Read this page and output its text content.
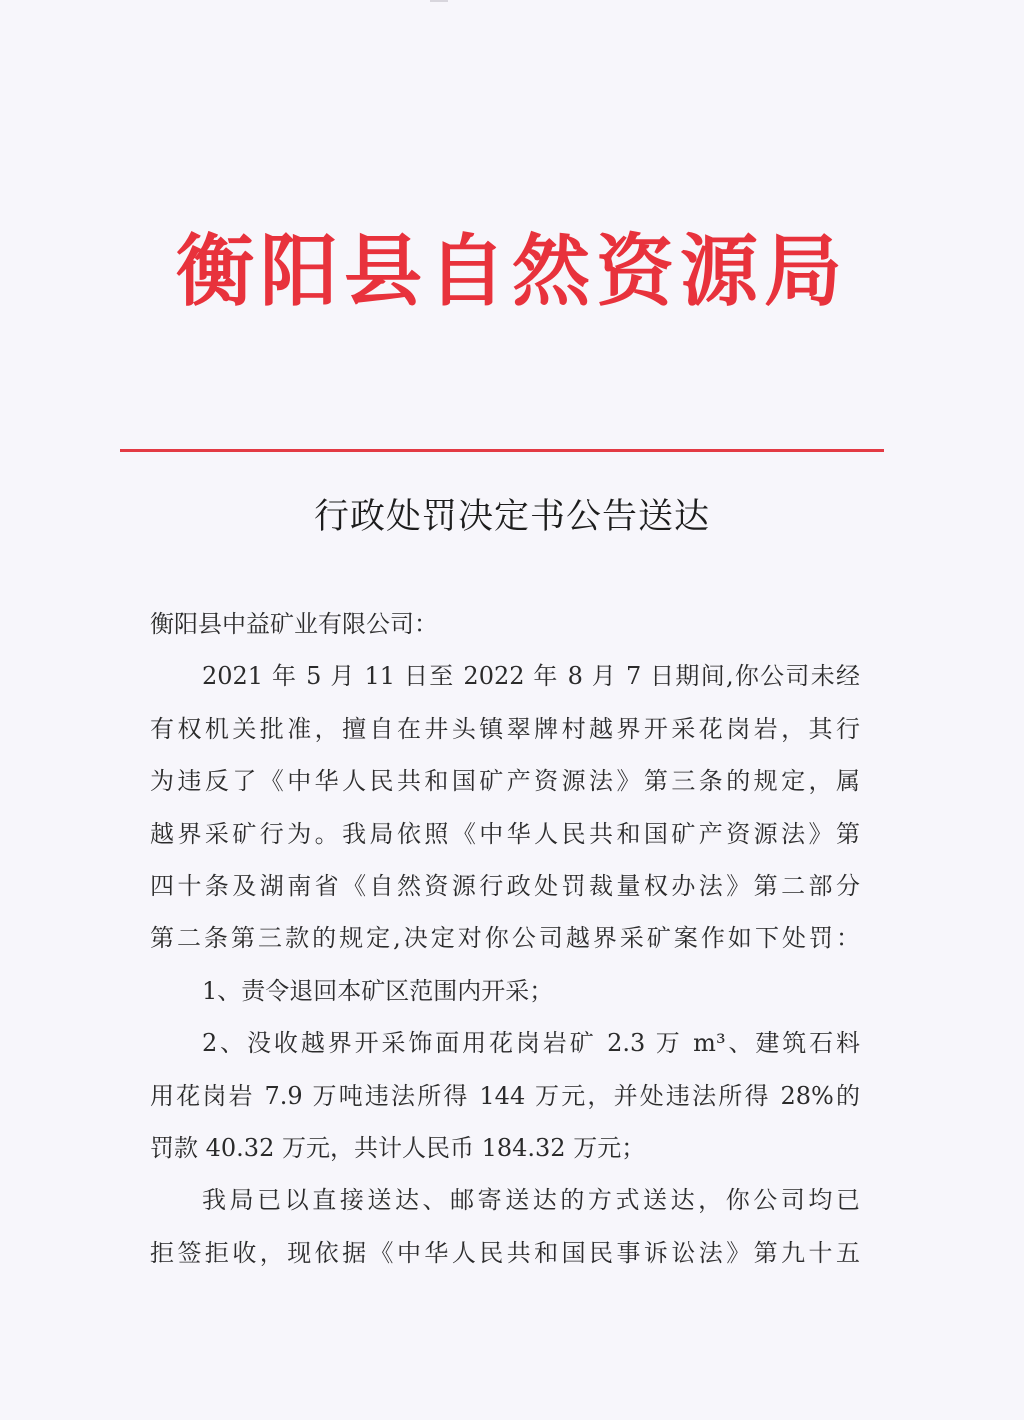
衡阳县自然资源局
行政处罚决定书公告送达
衡阳县中益矿业有限公司：
2021 年 5 月 11 日至 2022 年 8 月 7 日期间,你公司未经
有权机关批准，擅自在井头镇翠牌村越界开采花岗岩，其行
为违反了《中华人民共和国矿产资源法》第三条的规定，属
越界采矿行为。我局依照《中华人民共和国矿产资源法》第
四十条及湖南省《自然资源行政处罚裁量权办法》第二部分
第二条第三款的规定,决定对你公司越界采矿案作如下处罚：
1、责令退回本矿区范围内开采；
2、没收越界开采饰面用花岗岩矿 2.3 万 m³、建筑石料
用花岗岩 7.9 万吨违法所得 144 万元，并处违法所得 28%的
罚款 40.32 万元，共计人民币 184.32 万元；
我局已以直接送达、邮寄送达的方式送达，你公司均已
拒签拒收，现依据《中华人民共和国民事诉讼法》第九十五
